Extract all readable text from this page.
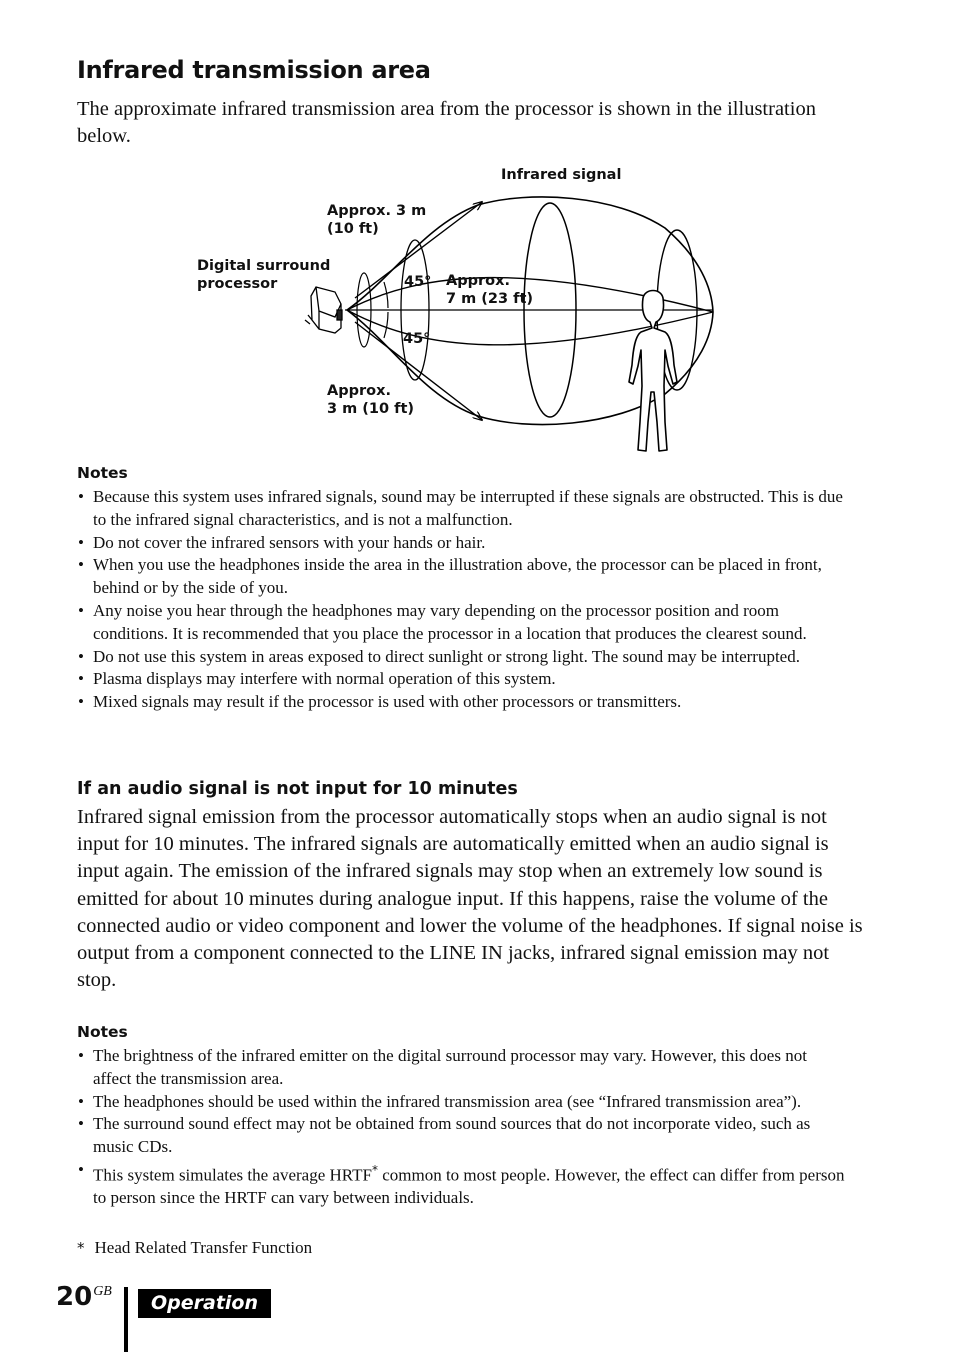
Infrared transmission area

The approximate infrared transmission area from the processor is shown in the illustration below.

Infrared signal
Approx. 3 m
(10 ft)
Digital surround
processor	45°
45°
Approx.
7 m (23 ft)
Approx.
3 m (10 ft)
Notes
• Because this system uses infrared signals, sound may be interrupted if these signals are obstructed. This is due to the infrared signal characteristics, and is not a malfunction.
• Do not cover the infrared sensors with your hands or hair.
• When you use the headphones inside the area in the illustration above, the processor can be placed in front, behind or by the side of you.
• Any noise you hear through the headphones may vary depending on the processor position and room conditions. It is recommended that you place the processor in a location that produces the clearest sound.
• Do not use this system in areas exposed to direct sunlight or strong light. The sound may be interrupted.
• Plasma displays may interfere with normal operation of this system.
• Mixed signals may result if the processor is used with other processors or transmitters.
If an audio signal is not input for 10 minutes

Infrared signal emission from the processor automatically stops when an audio signal is not input for 10 minutes. The infrared signals are automatically emitted when an audio signal is input again. The emission of the infrared signals may stop when an extremely low sound is emitted for about 10 minutes during analogue input. If this happens, raise the volume of the connected audio or video component and lower the volume of the headphones. If signal noise is output from a component connected to the LINE IN jacks, infrared signal emission may not stop.

Notes
• The brightness of the infrared emitter on the digital surround processor may vary. However, this does not affect the transmission area.
• The headphones should be used within the infrared transmission area (see “Infrared transmission area”).
• The surround sound effect may not be obtained from sound sources that do not incorporate video, such as music CDs.
• This system simulates the average HRTF* common to most people. However, the effect can differ from person to person since the HRTF can vary between individuals.
* Head Related Transfer Function
$20^{GB}$
Operation
